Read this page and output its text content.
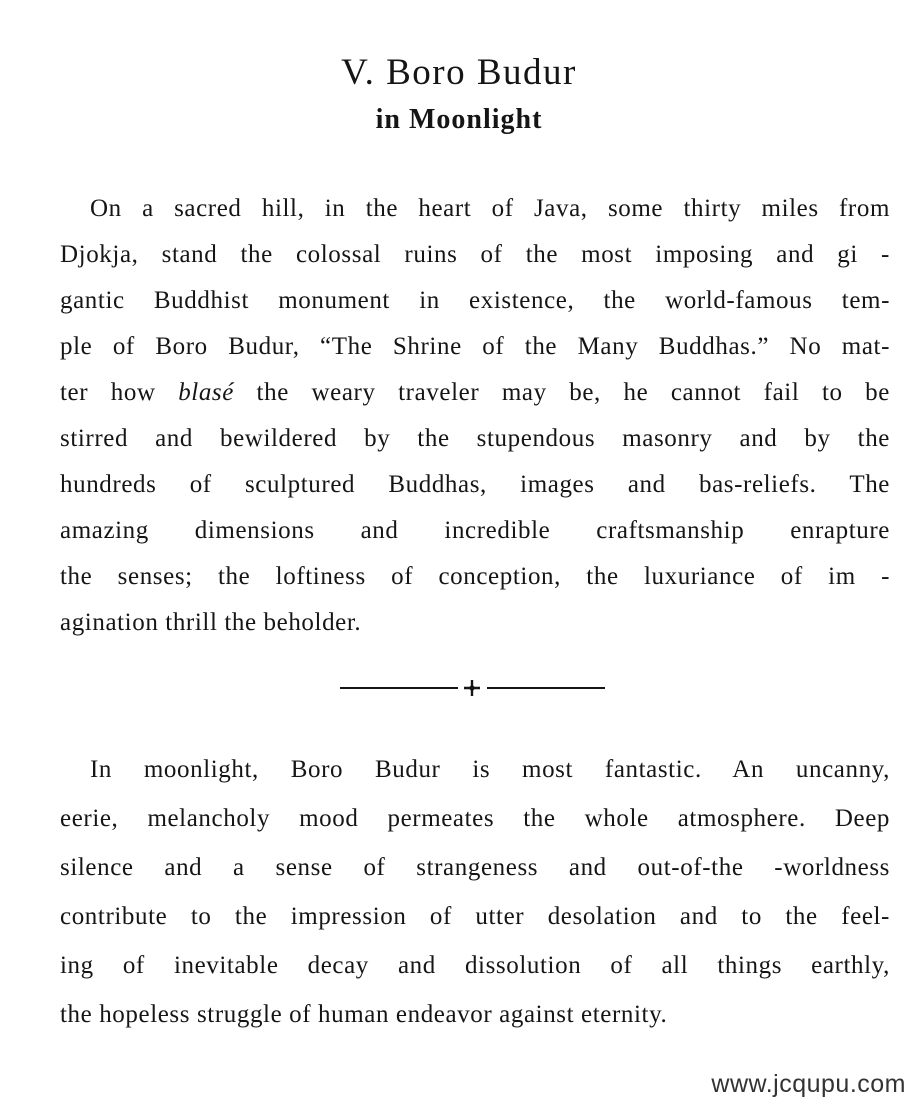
V. Boro Budur
in Moonlight
On a sacred hill, in the heart of Java, some thirty miles from
Djokja, stand the colossal ruins of the most imposing and gi -
gantic Buddhist monument in existence, the world-famous tem-
ple of Boro Budur, “The Shrine of the Many Buddhas.” No mat-
ter how blasé the weary traveler may be, he cannot fail to be
stirred and bewildered by the stupendous masonry and by the
hundreds of sculptured Buddhas, images and bas-reliefs. The
amazing dimensions and incredible craftsmanship enrapture
the senses; the loftiness of conception, the luxuriance of im -
agination thrill the beholder.
In moonlight, Boro Budur is most fantastic. An uncanny,
eerie, melancholy mood permeates the whole atmosphere. Deep
silence and a sense of strangeness and out-of-the -worldness
contribute to the impression of utter desolation and to the feel-
ing of inevitable decay and dissolution of all things earthly,
the hopeless struggle of human endeavor against eternity.
www.jcqupu.com
